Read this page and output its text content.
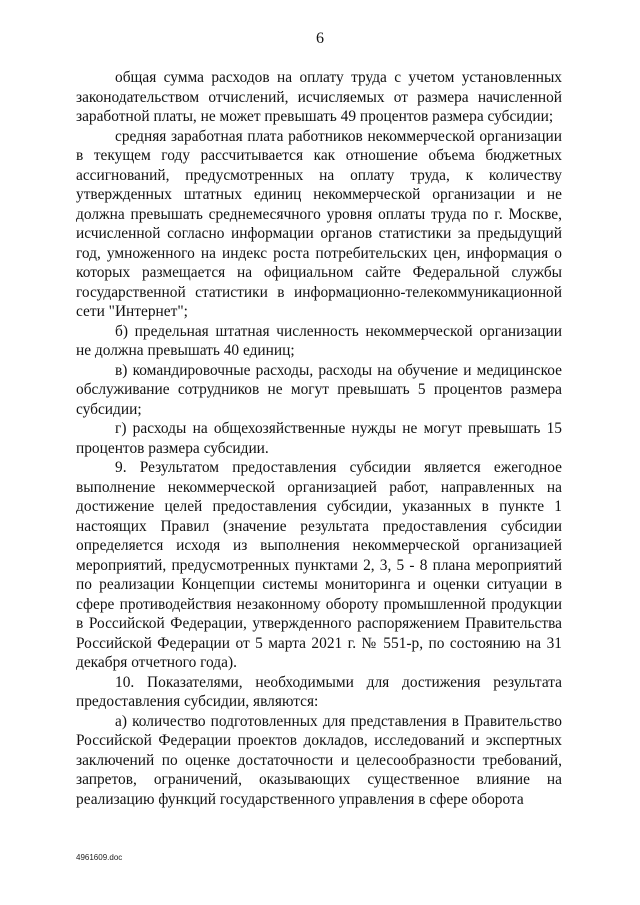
6

общая сумма расходов на оплату труда с учетом установленных законодательством отчислений, исчисляемых от размера начисленной заработной платы, не может превышать 49 процентов размера субсидии;

средняя заработная плата работников некоммерческой организации в текущем году рассчитывается как отношение объема бюджетных ассигнований, предусмотренных на оплату труда, к количеству утвержденных штатных единиц некоммерческой организации и не должна превышать среднемесячного уровня оплаты труда по г. Москве, исчисленной согласно информации органов статистики за предыдущий год, умноженного на индекс роста потребительских цен, информация о которых размещается на официальном сайте Федеральной службы государственной статистики в информационно-телекоммуникационной сети "Интернет";

б) предельная штатная численность некоммерческой организации не должна превышать 40 единиц;

в) командировочные расходы, расходы на обучение и медицинское обслуживание сотрудников не могут превышать 5 процентов размера субсидии;

г) расходы на общехозяйственные нужды не могут превышать 15 процентов размера субсидии.

9. Результатом предоставления субсидии является ежегодное выполнение некоммерческой организацией работ, направленных на достижение целей предоставления субсидии, указанных в пункте 1 настоящих Правил (значение результата предоставления субсидии определяется исходя из выполнения некоммерческой организацией мероприятий, предусмотренных пунктами 2, 3, 5 - 8 плана мероприятий по реализации Концепции системы мониторинга и оценки ситуации в сфере противодействия незаконному обороту промышленной продукции в Российской Федерации, утвержденного распоряжением Правительства Российской Федерации от 5 марта 2021 г. № 551-р, по состоянию на 31 декабря отчетного года).

10. Показателями, необходимыми для достижения результата предоставления субсидии, являются:

а) количество подготовленных для представления в Правительство Российской Федерации проектов докладов, исследований и экспертных заключений по оценке достаточности и целесообразности требований, запретов, ограничений, оказывающих существенное влияние на реализацию функций государственного управления в сфере оборота

4961609.doc
